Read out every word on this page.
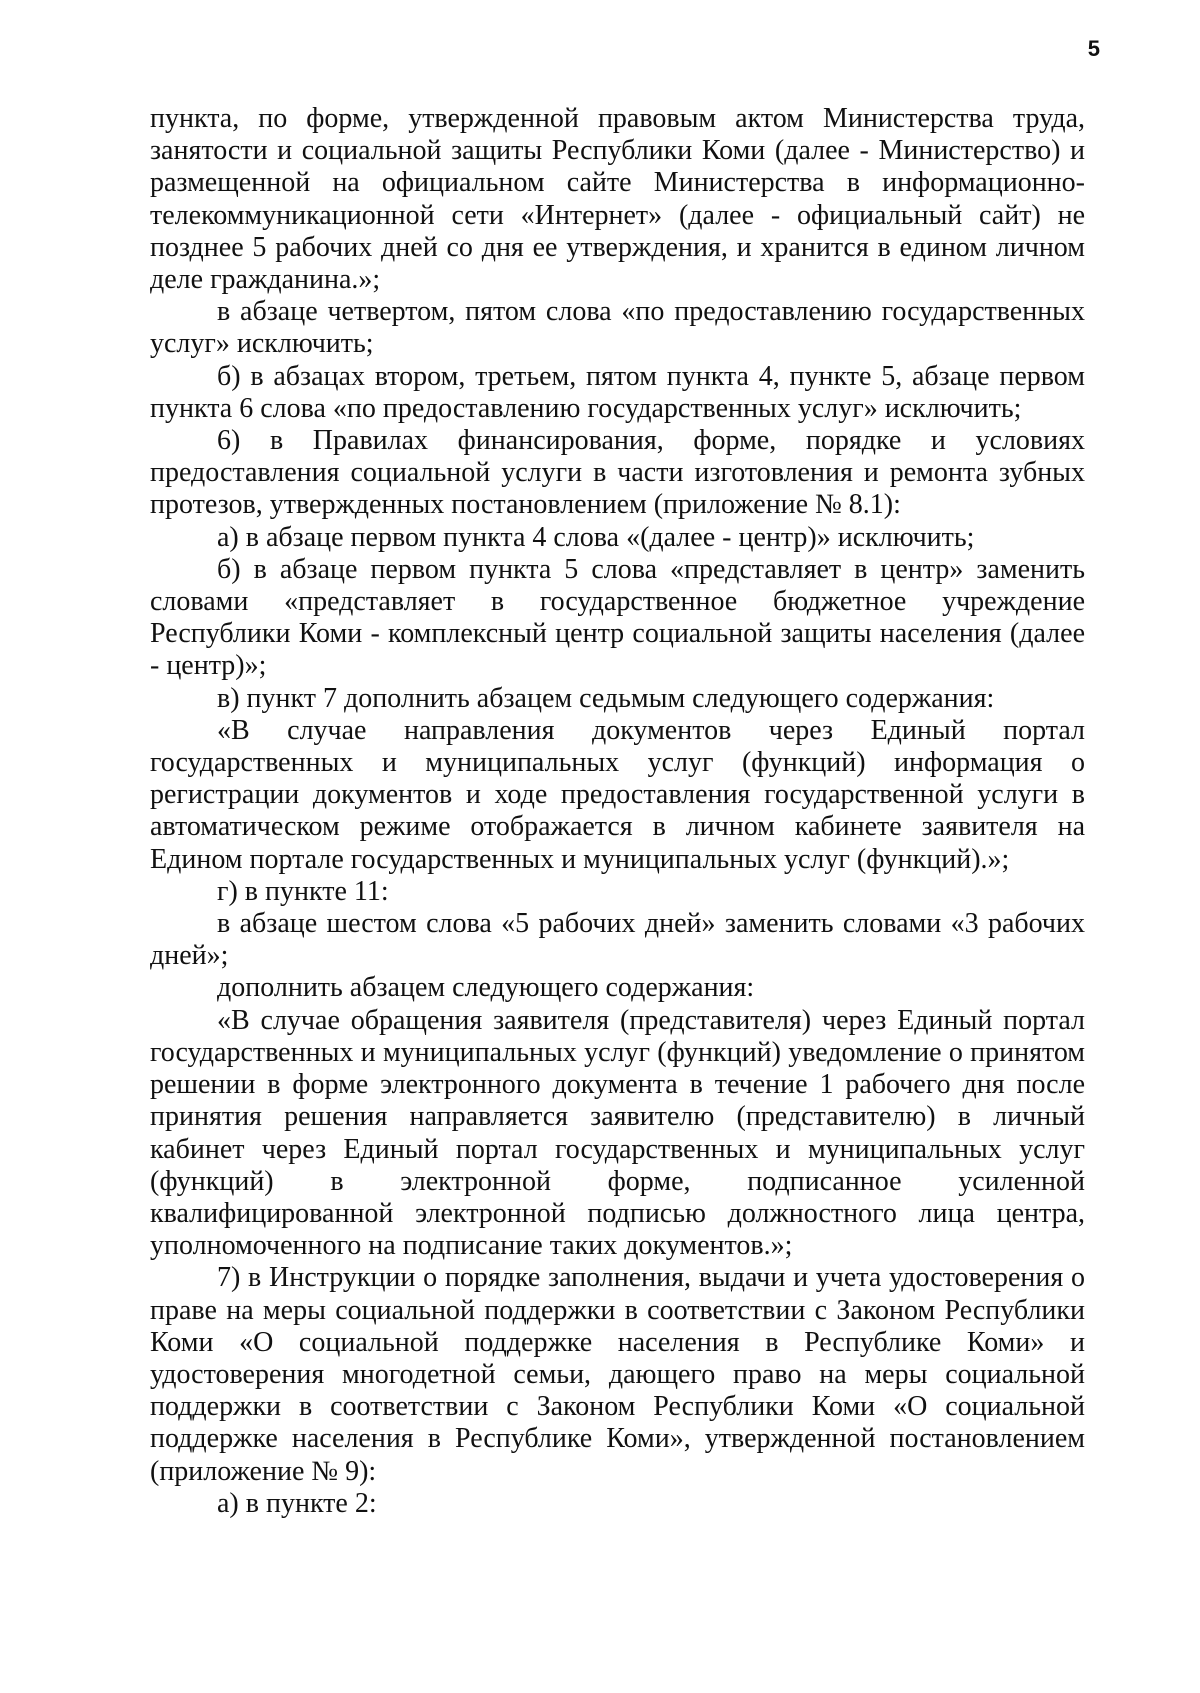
5

пункта, по форме, утвержденной правовым актом Министерства труда, занятости и социальной защиты Республики Коми (далее - Министерство) и размещенной на официальном сайте Министерства в информационно-телекоммуникационной сети «Интернет» (далее - официальный сайт) не позднее 5 рабочих дней со дня ее утверждения, и хранится в едином личном деле гражданина.»;

в абзаце четвертом, пятом слова «по предоставлению государственных услуг» исключить;

б) в абзацах втором, третьем, пятом пункта 4, пункте 5, абзаце первом пункта 6 слова «по предоставлению государственных услуг» исключить;

6) в Правилах финансирования, форме, порядке и условиях предоставления социальной услуги в части изготовления и ремонта зубных протезов, утвержденных постановлением (приложение № 8.1):

а) в абзаце первом пункта 4 слова «(далее - центр)» исключить;

б) в абзаце первом пункта 5 слова «представляет в центр» заменить словами «представляет в государственное бюджетное учреждение Республики Коми - комплексный центр социальной защиты населения (далее - центр)»;

в) пункт 7 дополнить абзацем седьмым следующего содержания:

«В случае направления документов через Единый портал государственных и муниципальных услуг (функций) информация о регистрации документов и ходе предоставления государственной услуги в автоматическом режиме отображается в личном кабинете заявителя на Едином портале государственных и муниципальных услуг (функций).»;

г) в пункте 11:

в абзаце шестом слова «5 рабочих дней» заменить словами «3 рабочих дней»;

дополнить абзацем следующего содержания:

«В случае обращения заявителя (представителя) через Единый портал государственных и муниципальных услуг (функций) уведомление о принятом решении в форме электронного документа в течение 1 рабочего дня после принятия решения направляется заявителю (представителю) в личный кабинет через Единый портал государственных и муниципальных услуг (функций) в электронной форме, подписанное усиленной квалифицированной электронной подписью должностного лица центра, уполномоченного на подписание таких документов.»;

7) в Инструкции о порядке заполнения, выдачи и учета удостоверения о праве на меры социальной поддержки в соответствии с Законом Республики Коми «О социальной поддержке населения в Республике Коми» и удостоверения многодетной семьи, дающего право на меры социальной поддержки в соответствии с Законом Республики Коми «О социальной поддержке населения в Республике Коми», утвержденной постановлением (приложение № 9):

а) в пункте 2:
